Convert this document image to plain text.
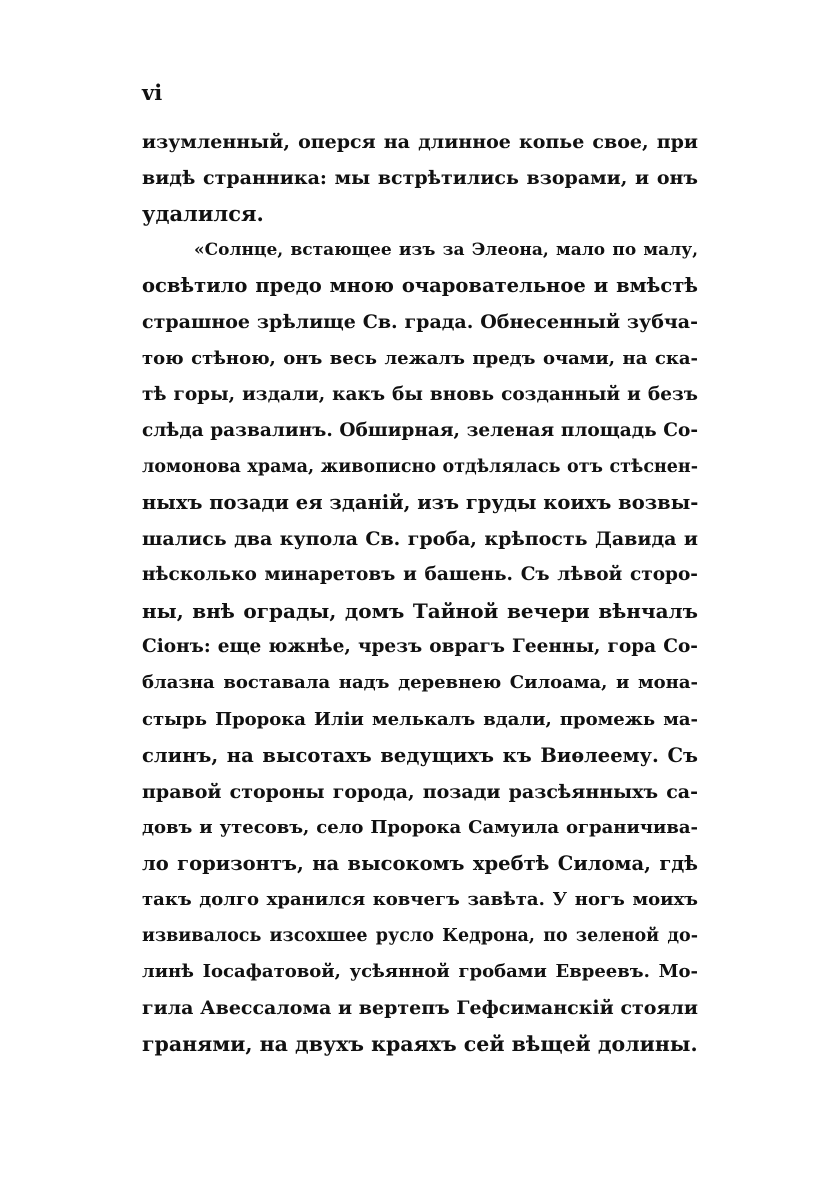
vi
изумленный, оперся на длинное копье свое, при
видѣ странника: мы встрѣтились взорами, и онъ
удалился.
«Солнце, встающее изъ за Элеона, мало по малу,
освѣтило предо мною очаровательное и вмѣстѣ
страшное зрѣлище Св. града. Обнесенный зубча-
тою стѣною, онъ весь лежалъ предъ очами, на ска-
тѣ горы, издали, какъ бы вновь созданный и безъ
слѣда развалинъ. Обширная, зеленая площадь Со-
ломонова храма, живописно отдѣлялась отъ стѣснен-
ныхъ позади ея зданій, изъ груды коихъ возвы-
шались два купола Св. гроба, крѣпость Давида и
нѣсколько минаретовъ и башень. Съ лѣвой сторо-
ны, внѣ ограды, домъ Тайной вечери вѣнчалъ
Сіонъ: еще южнѣе, чрезъ оврагъ Геенны, гора Со-
блазна воставала надъ деревнею Силоама, и мона-
стырь Пророка Иліи мелькалъ вдали, промежь ма-
слинъ, на высотахъ ведущихъ къ Виѳлеему. Съ
правой стороны города, позади разсѣянныхъ са-
довъ и утесовъ, село Пророка Самуила ограничива-
ло горизонтъ, на высокомъ хребтѣ Силома, гдѣ
такъ долго хранился ковчегъ завѣта. У ногъ моихъ
извивалось изсохшее русло Кедрона, по зеленой до-
линѣ Іосафатовой, усѣянной гробами Евреевъ. Мо-
гила Авессалома и вертепъ Гефсиманскій стояли
гранями, на двухъ краяхъ сей вѣщей долины.
